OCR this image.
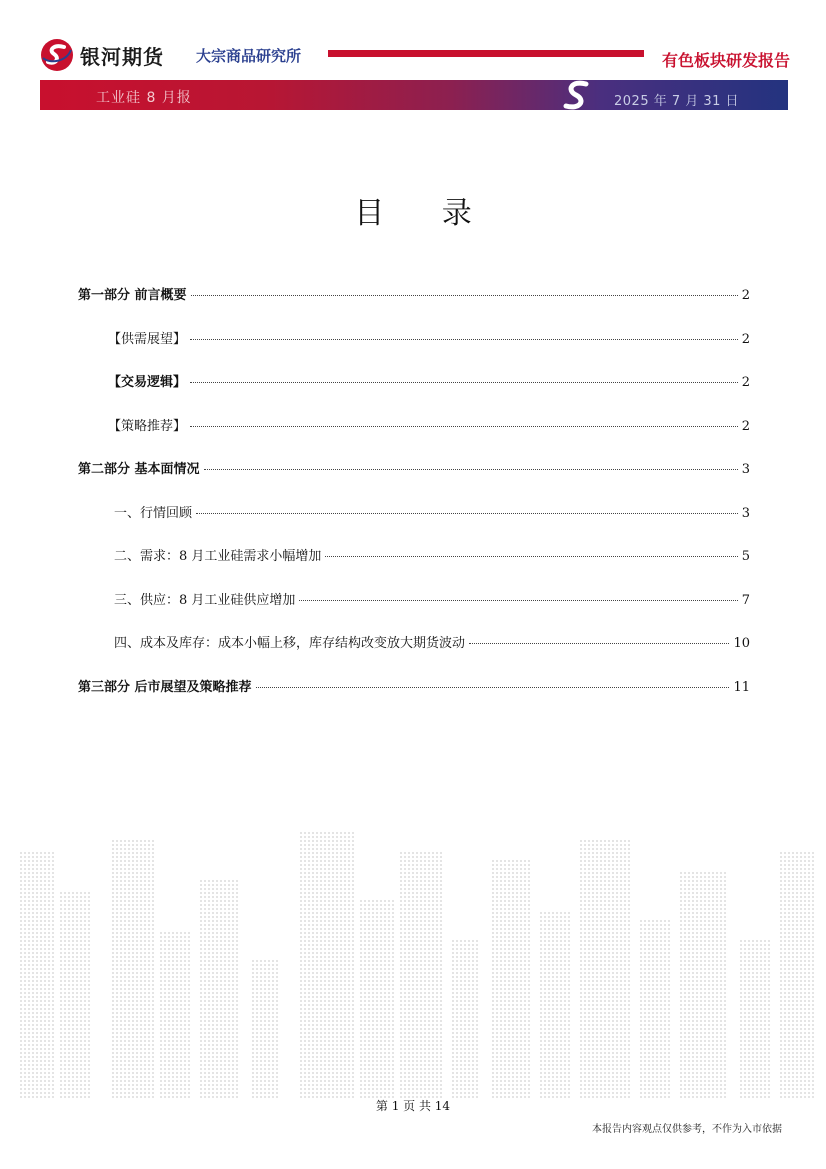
银河期货 大宗商品研究所	有色板块研发报告
工业硅 8 月报	2025 年 7 月 31 日
目 录
第一部分 前言概要	2
【供需展望】	2
【交易逻辑】	2
【策略推荐】	2
第二部分 基本面情况	3
一、行情回顾	3
二、需求：8 月工业硅需求小幅增加	5
三、供应：8 月工业硅供应增加	7
四、成本及库存：成本小幅上移，库存结构改变放大期货波动	10
第三部分 后市展望及策略推荐	11
第 1 页 共 14
本报告内容观点仅供参考，不作为入市依据
